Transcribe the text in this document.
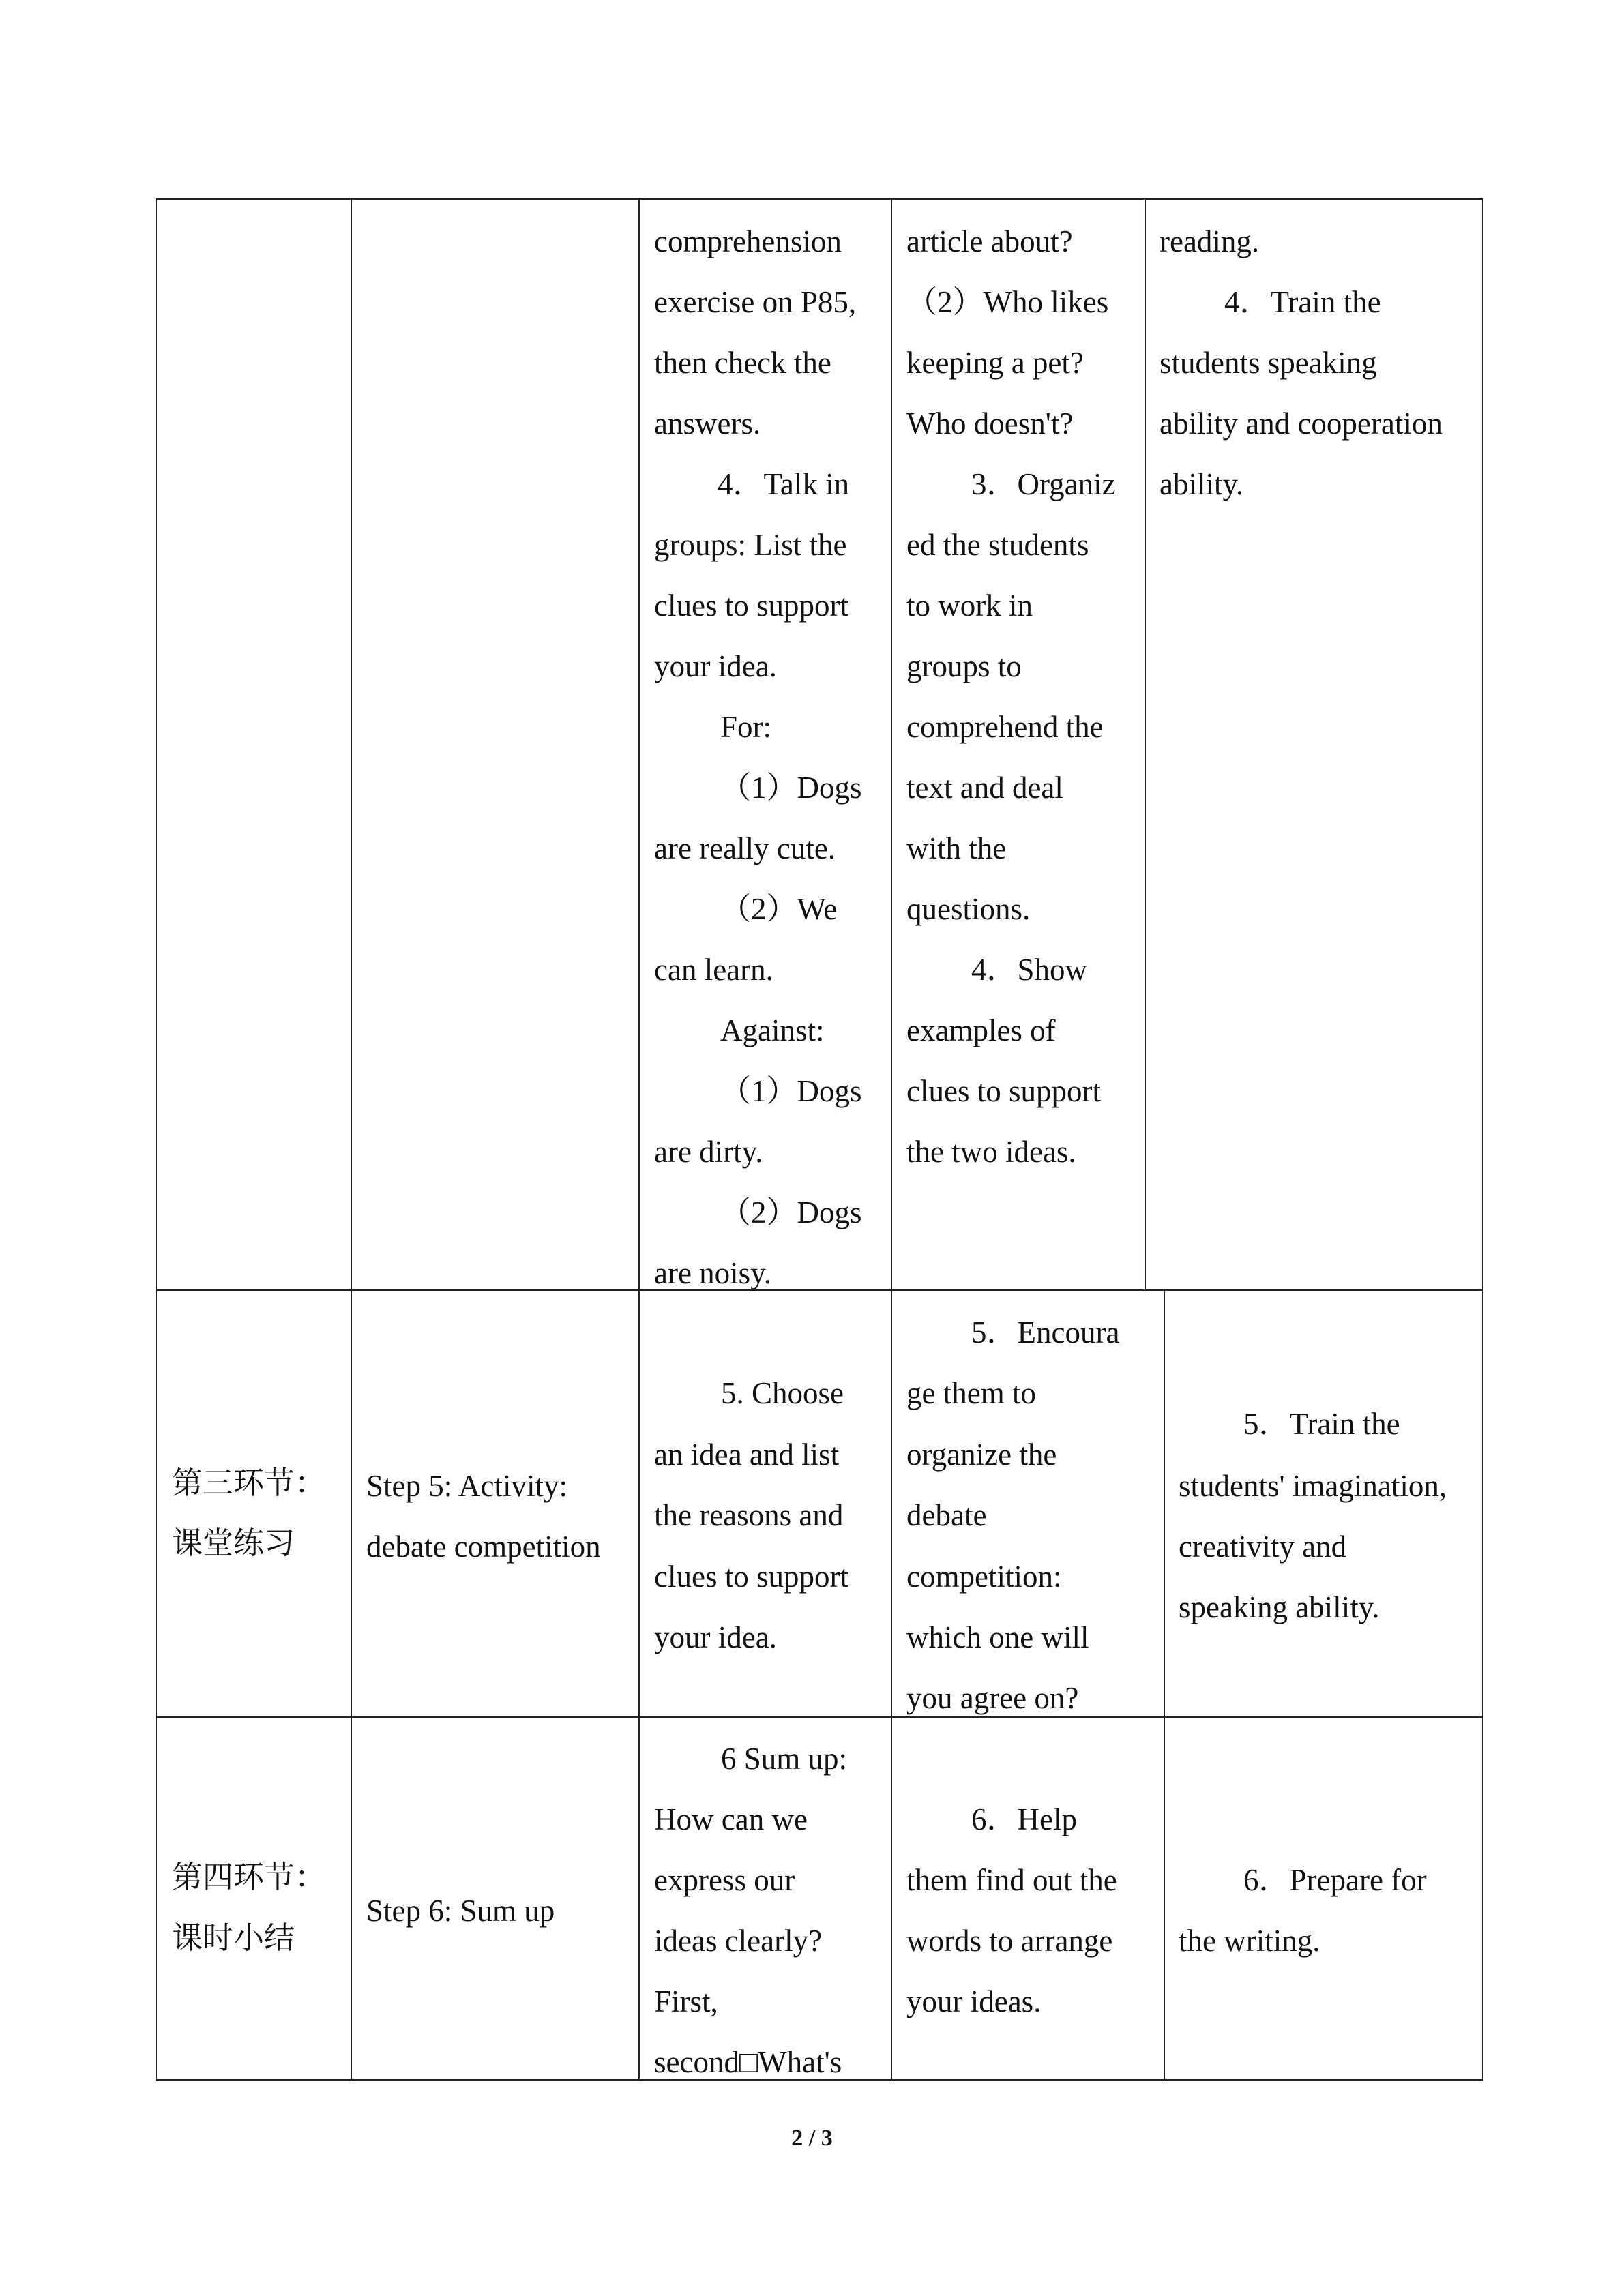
comprehension
exercise on P85,
then check the
answers.
4．Talk in
groups: List the
clues to support
your idea.
For:
（1）Dogs
are really cute.
（2）We
can learn.
Against:
（1）Dogs
are dirty.
（2）Dogs
are noisy.
article about?
（2）Who likes
keeping a pet?
Who doesn't?
3．Organiz
ed the students
to work in
groups to
comprehend the
text and deal
with the
questions.
4．Show
examples of
clues to support
the two ideas.
reading.
4．Train the
students speaking
ability and cooperation
ability.
第三环节：
课堂练习
Step 5: Activity:
debate competition
5. Choose
an idea and list
the reasons and
clues to support
your idea.
5．Encoura
ge them to
organize the
debate
competition:
which one will
you agree on?
5．Train the
students' imagination,
creativity and
speaking ability.
第四环节：
课时小结
Step 6: Sum up
6 Sum up:
How can we
express our
ideas clearly?
First,
second□What's
6．Help
them find out the
words to arrange
your ideas.
6．Prepare for
the writing.
2 / 3
